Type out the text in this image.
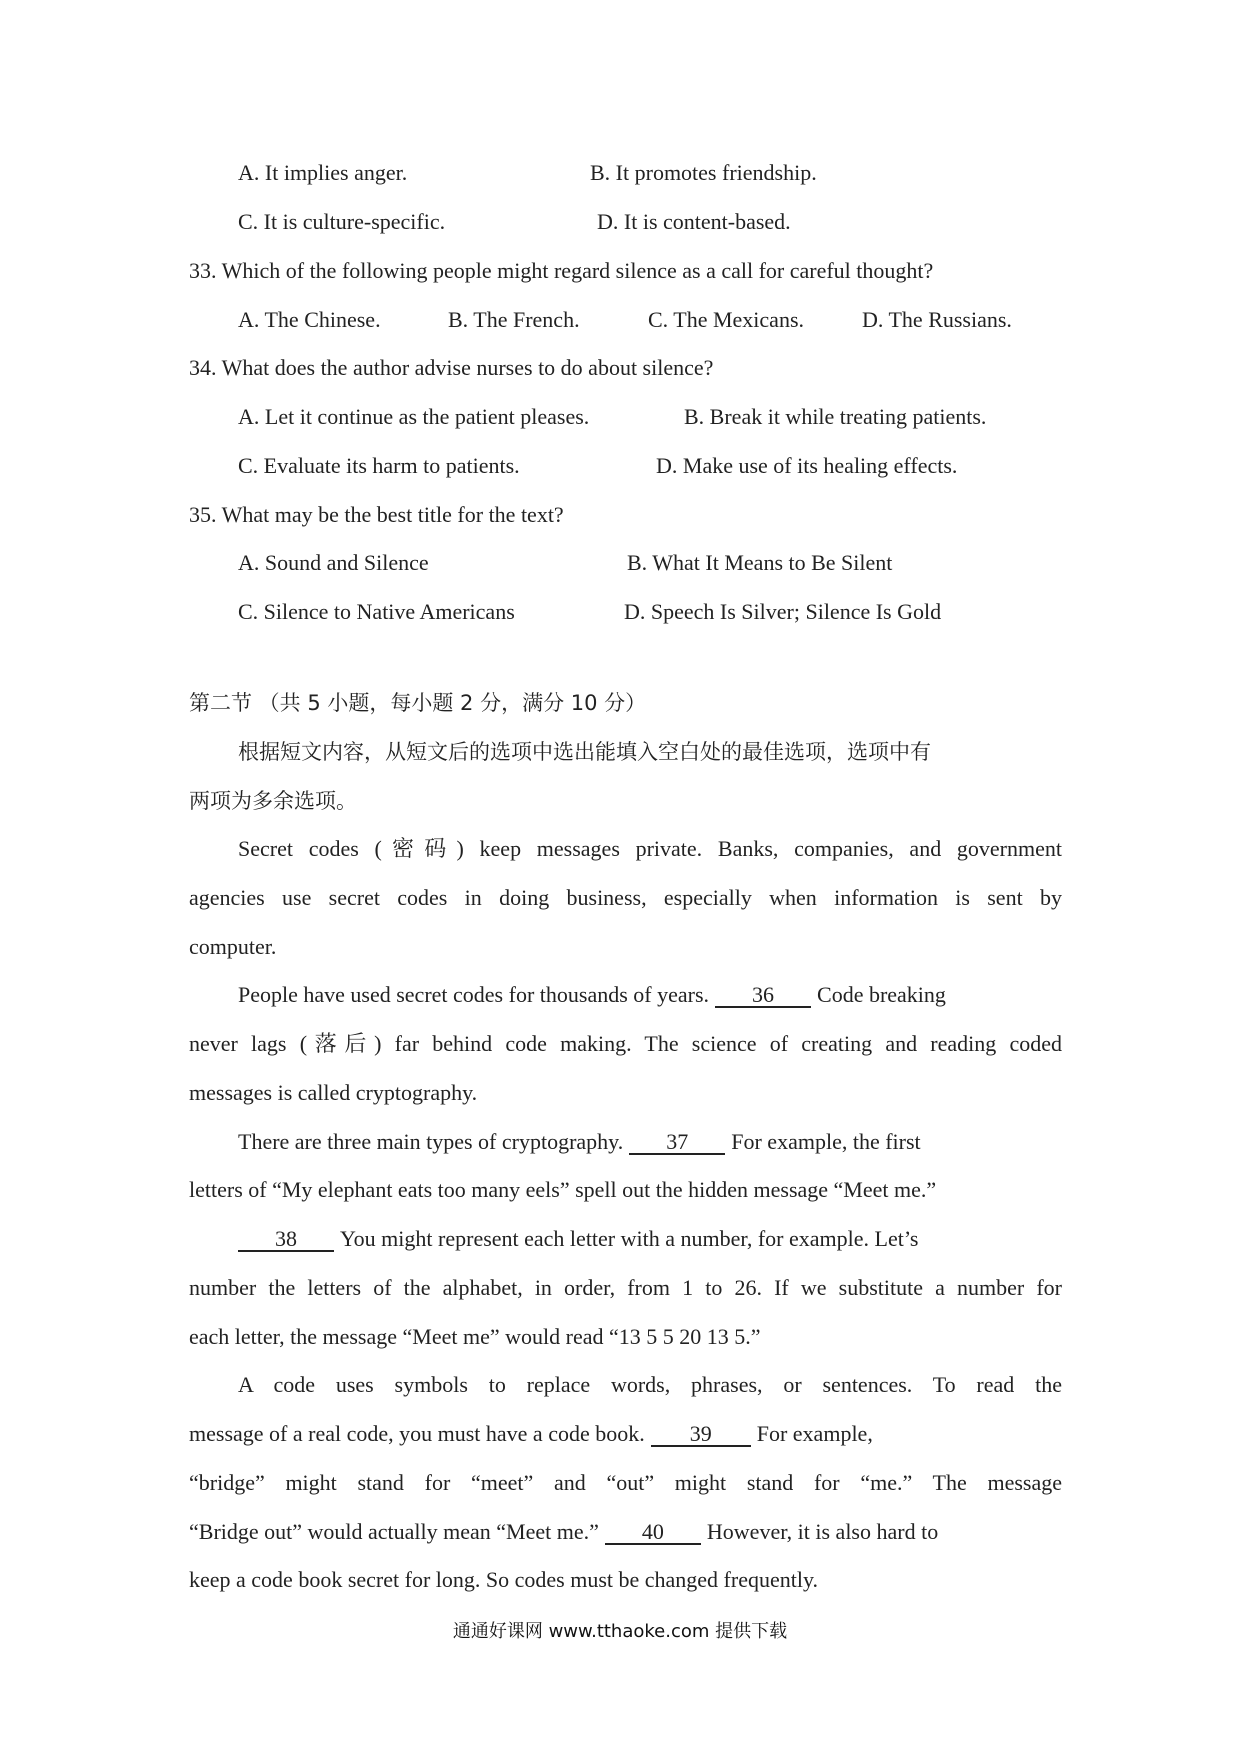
A. It implies anger.	B. It promotes friendship.
C. It is culture-specific.	D. It is content-based.
33. Which of the following people might regard silence as a call for careful thought?
A. The Chinese.	B. The French.	C. The Mexicans.	D. The Russians.
34. What does the author advise nurses to do about silence?
A. Let it continue as the patient pleases.	B. Break it while treating patients.
C. Evaluate its harm to patients.	D. Make use of its healing effects.
35. What may be the best title for the text?
A. Sound and Silence	B. What It Means to Be Silent
C. Silence to Native Americans	D. Speech Is Silver; Silence Is Gold
第二节 （共 5 小题，每小题 2 分，满分 10 分）
根据短文内容，从短文后的选项中选出能填入空白处的最佳选项，选项中有
两项为多余选项。
Secret codes (密码) keep messages private. Banks, companies, and government
agencies use secret codes in doing business, especially when information is sent by
computer.
People have used secret codes for thousands of years. 36 Code breaking
never lags (落后) far behind code making. The science of creating and reading coded
messages is called cryptography.
There are three main types of cryptography. 37 For example, the first
letters of “My elephant eats too many eels” spell out the hidden message “Meet me.”
38 You might represent each letter with a number, for example. Let’s
number the letters of the alphabet, in order, from 1 to 26. If we substitute a number for
each letter, the message “Meet me” would read “13 5 5 20 13 5.”
A code uses symbols to replace words, phrases, or sentences. To read the
message of a real code, you must have a code book. 39 For example,
“bridge” might stand for “meet” and “out” might stand for “me.” The message
“Bridge out” would actually mean “Meet me.” 40 However, it is also hard to
keep a code book secret for long. So codes must be changed frequently.
通通好课网 www.tthaoke.com 提供下载
